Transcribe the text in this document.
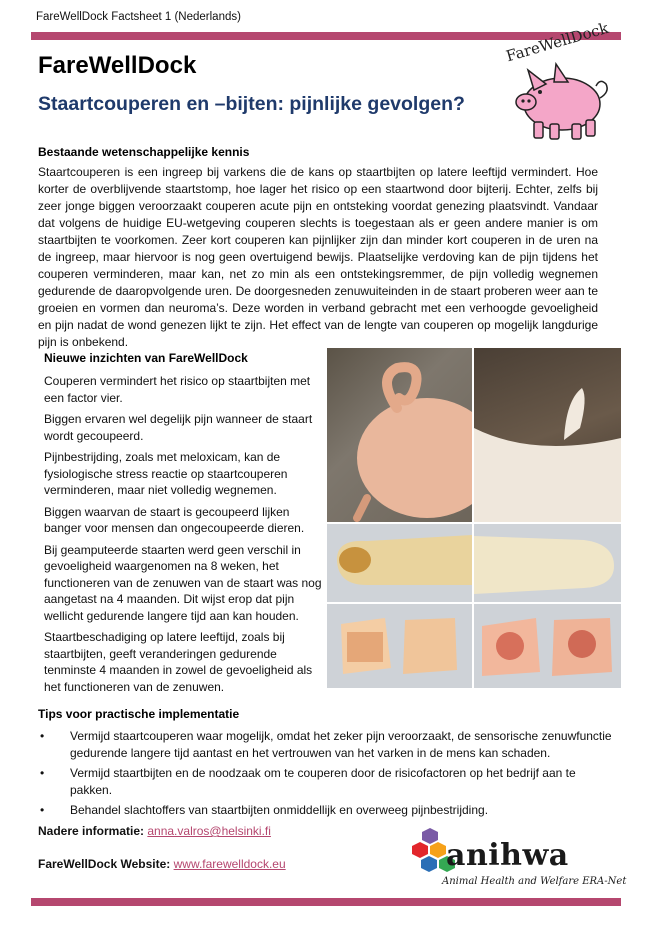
FareWellDock Factsheet 1 (Nederlands)
FareWellDock
Staartcouperen en –bijten: pijnlijke gevolgen?
FareWellDock
Bestaande wetenschappelijke kennis
Staartcouperen is een ingreep bij varkens die de kans op staartbijten op latere leeftijd vermindert. Hoe korter de overblijvende staartstomp, hoe lager het risico op een staartwond door bijterij. Echter, zelfs bij zeer jonge biggen veroorzaakt couperen acute pijn en ontsteking voordat genezing plaatsvindt. Vandaar dat volgens de huidige EU-wetgeving couperen slechts is toegestaan als er geen andere manier is om staartbijten te voorkomen. Zeer kort couperen kan pijnlijker zijn dan minder kort couperen in de uren na de ingreep, maar hiervoor is nog geen overtuigend bewijs. Plaatselijke verdoving kan de pijn tijdens het couperen verminderen, maar kan, net zo min als een ontstekingsremmer, de pijn volledig wegnemen gedurende de daaropvolgende uren. De doorgesneden zenuwuiteinden in de staart proberen weer aan te groeien en vormen dan neuroma’s. Deze worden in verband gebracht met een verhoogde gevoeligheid en pijn nadat de wond genezen lijkt te zijn. Het effect van de lengte van couperen op mogelijk langdurige pijn is onbekend.
Nieuwe inzichten van FareWellDock

Couperen vermindert het risico op staartbijten met een factor vier.

Biggen ervaren wel degelijk pijn wanneer de staart wordt gecoupeerd.

Pijnbestrijding, zoals met meloxicam, kan de fysiologische stress reactie op staartcouperen verminderen, maar niet volledig wegnemen.

Biggen waarvan de staart is gecoupeerd lijken banger voor mensen dan ongecoupeerde dieren.

Bij geamputeerde staarten werd geen verschil in gevoeligheid waargenomen na 8 weken, het functioneren van de zenuwen van de staart was nog aangetast na 4 maanden. Dit wijst erop dat pijn wellicht gedurende langere tijd aan kan houden.

Staartbeschadiging op latere leeftijd, zoals bij staartbijten, geeft veranderingen gedurende tenminste 4 maanden in zowel de gevoeligheid als het functioneren van de zenuwen.

Tips voor practische implementatie
• Vermijd staartcouperen waar mogelijk, omdat het zeker pijn veroorzaakt, de sensorische zenuwfunctie gedurende langere tijd aantast en het vertrouwen van het varken in de mens kan schaden.
• Vermijd staartbijten en de noodzaak om te couperen door de risicofactoren op het bedrijf aan te pakken.
• Behandel slachtoffers van staartbijten onmiddellijk en overweeg pijnbestrijding.
Nadere informatie: anna.valros@helsinki.fi
FareWellDock Website: www.farewelldock.eu	anihwa
Animal Health and Welfare ERA-Net
